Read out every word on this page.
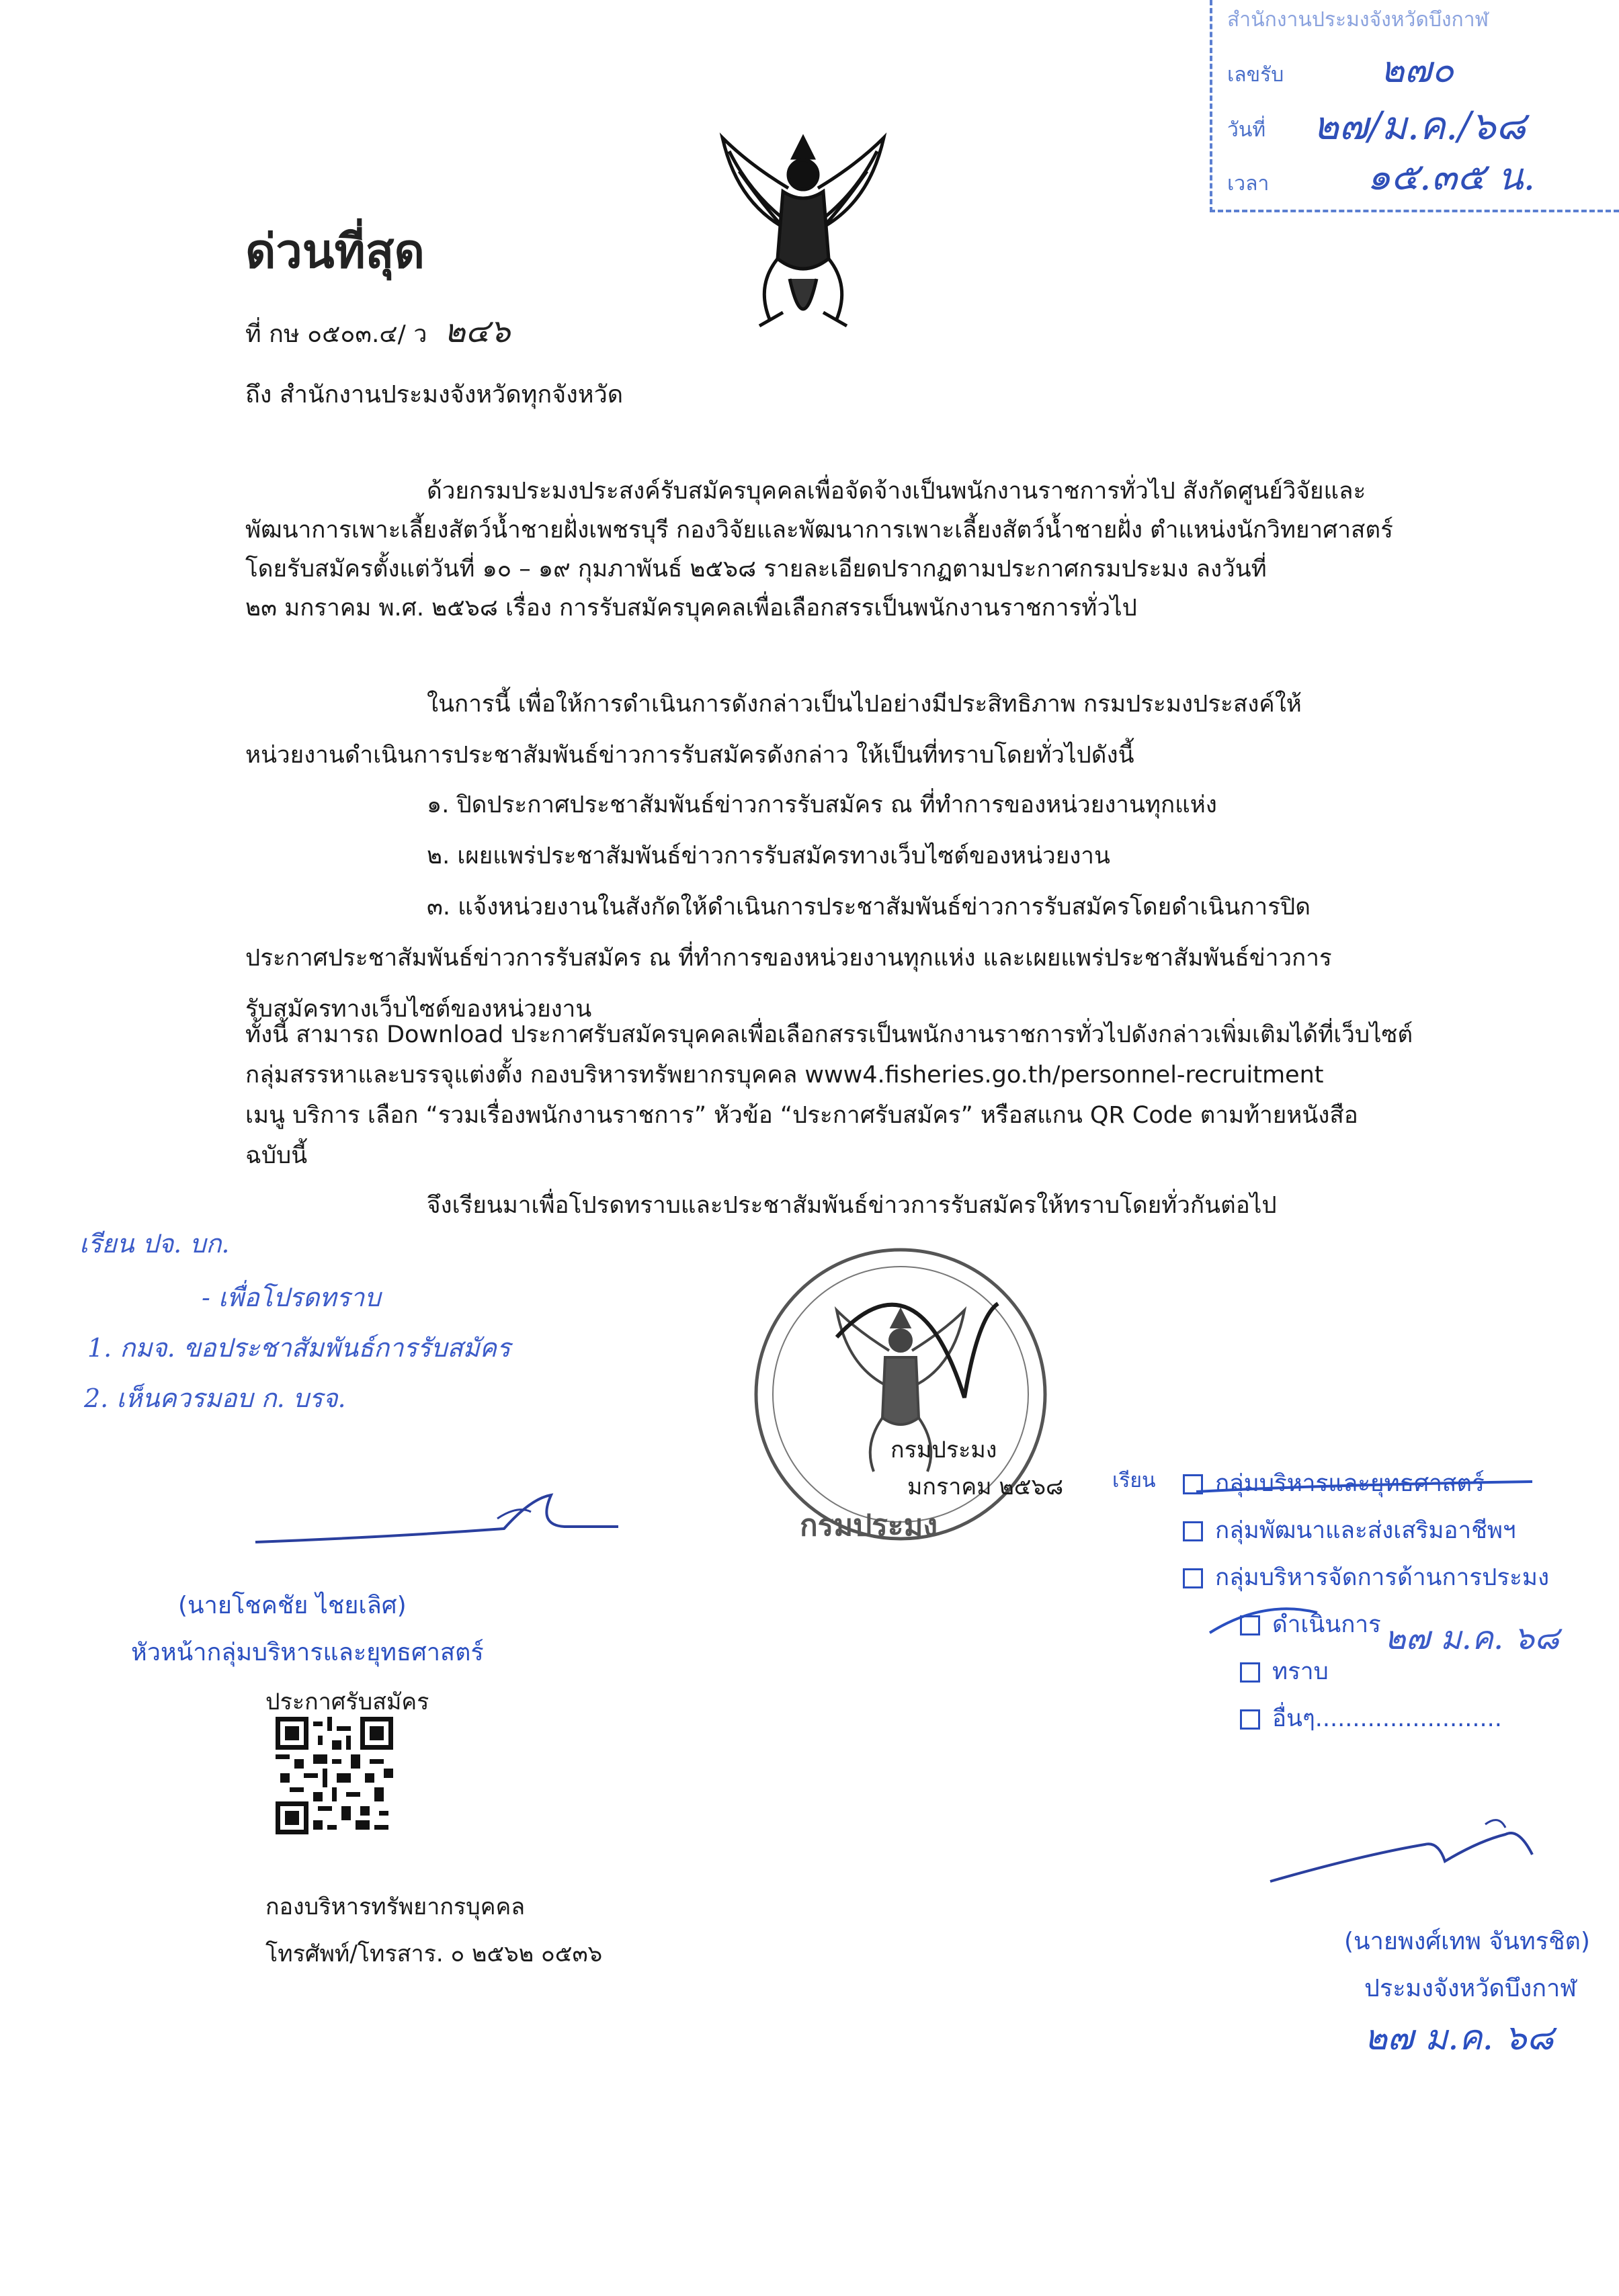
สำนักงานประมงจังหวัดบึงกาฬ
เลขรับ	๒๗๐
วันที่ ๒๗/ม.ค./๖๘
เวลา	๑๕.๓๕ น.
ด่วนที่สุด
ที่ กษ ๐๕๐๓.๔/ ว ๒๔๖
ถึง สำนักงานประมงจังหวัดทุกจังหวัด
ด้วยกรมประมงประสงค์รับสมัครบุคคลเพื่อจัดจ้างเป็นพนักงานราชการทั่วไป สังกัดศูนย์วิจัยและ
พัฒนาการเพาะเลี้ยงสัตว์น้ำชายฝั่งเพชรบุรี กองวิจัยและพัฒนาการเพาะเลี้ยงสัตว์น้ำชายฝั่ง ตำแหน่งนักวิทยาศาสตร์
โดยรับสมัครตั้งแต่วันที่ ๑๐ – ๑๙ กุมภาพันธ์ ๒๕๖๘ รายละเอียดปรากฏตามประกาศกรมประมง ลงวันที่
๒๓ มกราคม พ.ศ. ๒๕๖๘ เรื่อง การรับสมัครบุคคลเพื่อเลือกสรรเป็นพนักงานราชการทั่วไป
ในการนี้ เพื่อให้การดำเนินการดังกล่าวเป็นไปอย่างมีประสิทธิภาพ กรมประมงประสงค์ให้
หน่วยงานดำเนินการประชาสัมพันธ์ข่าวการรับสมัครดังกล่าว ให้เป็นที่ทราบโดยทั่วไปดังนี้
๑. ปิดประกาศประชาสัมพันธ์ข่าวการรับสมัคร ณ ที่ทำการของหน่วยงานทุกแห่ง
๒. เผยแพร่ประชาสัมพันธ์ข่าวการรับสมัครทางเว็บไซต์ของหน่วยงาน
๓. แจ้งหน่วยงานในสังกัดให้ดำเนินการประชาสัมพันธ์ข่าวการรับสมัครโดยดำเนินการปิด
ประกาศประชาสัมพันธ์ข่าวการรับสมัคร ณ ที่ทำการของหน่วยงานทุกแห่ง และเผยแพร่ประชาสัมพันธ์ข่าวการ
รับสมัครทางเว็บไซต์ของหน่วยงาน
ทั้งนี้ สามารถ Download ประกาศรับสมัครบุคคลเพื่อเลือกสรรเป็นพนักงานราชการทั่วไปดังกล่าวเพิ่มเติมได้ที่เว็บไซต์
กลุ่มสรรหาและบรรจุแต่งตั้ง กองบริหารทรัพยากรบุคคล www4.fisheries.go.th/personnel-recruitment
เมนู บริการ เลือก “รวมเรื่องพนักงานราชการ” หัวข้อ “ประกาศรับสมัคร” หรือสแกน QR Code ตามท้ายหนังสือ
ฉบับนี้
จึงเรียนมาเพื่อโปรดทราบและประชาสัมพันธ์ข่าวการรับสมัครให้ทราบโดยทั่วกันต่อไป
เรียน ปจ. บก.
- เพื่อโปรดทราบ
1. กมจ. ขอประชาสัมพันธ์การรับสมัคร
2. เห็นควรมอบ ก. บรจ.
กรมประมง
มกราคม ๒๕๖๘
กรมประมง
(นายโชคชัย ไชยเลิศ)
หัวหน้ากลุ่มบริหารและยุทธศาสตร์
ประกาศรับสมัคร
เรียน	กลุ่มบริหารและยุทธศาสตร์
กลุ่มพัฒนาและส่งเสริมอาชีพฯ
กลุ่มบริหารจัดการด้านการประมง
ดำเนินการ
ทราบ
อื่นๆ.........................
๒๗ ม.ค. ๖๘
กองบริหารทรัพยากรบุคคล
โทรศัพท์/โทรสาร. ๐ ๒๕๖๒ ๐๕๓๖	(นายพงศ์เทพ จันทรชิต)
ประมงจังหวัดบึงกาฬ
๒๗ ม.ค. ๖๘
